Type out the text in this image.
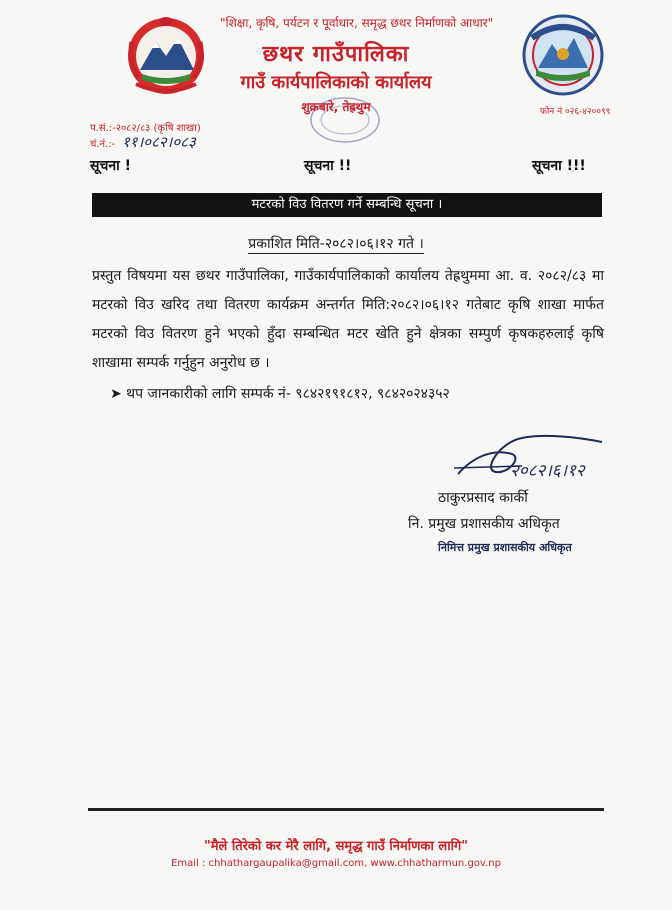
"शिक्षा, कृषि, पर्यटन र पूर्वाधार, समृद्ध छथर निर्माणको आधार"
छथर गाउँपालिका
गाउँ कार्यपालिकाको कार्यालय
शुक्रबारे, तेह्रथुम	फोन नं ०२६-४२००९९
प.सं.:-२०८२/८३ (कृषि शाखा)
चं.नं.:- ११।०८२।०८३
सूचना !	सूचना !!	सूचना !!!
मटरको विउ वितरण गर्ने सम्बन्धि सूचना ।
प्रकाशित मिति-२०८२।०६।१२ गते ।
प्रस्तुत विषयमा यस छथर गाउँपालिका, गाउँकार्यपालिकाको कार्यालय तेह्रथुममा आ. व. २०८२/८३ मा मटरको विउ खरिद तथा वितरण कार्यक्रम अन्तर्गत मिति:२०८२।०६।१२ गतेबाट कृषि शाखा मार्फत मटरको विउ वितरण हुने भएको हुँदा सम्बन्धित मटर खेति हुने क्षेत्रका सम्पुर्ण कृषकहरुलाई कृषि शाखामा सम्पर्क गर्नुहुन अनुरोध छ ।
➤ थप जानकारीको लागि सम्पर्क नं- ९८४२१९१८१२, ९८४२०२४३५२
२०८२।६।१२
ठाकुरप्रसाद कार्की
नि. प्रमुख प्रशासकीय अधिकृत
निमित्त प्रमुख प्रशासकीय अधिकृत
"मैले तिरेको कर मेरै लागि, समृद्ध गाउँ निर्माणका लागि"
Email : chhathargaupalika@gmail.com, www.chhatharmun.gov.np
